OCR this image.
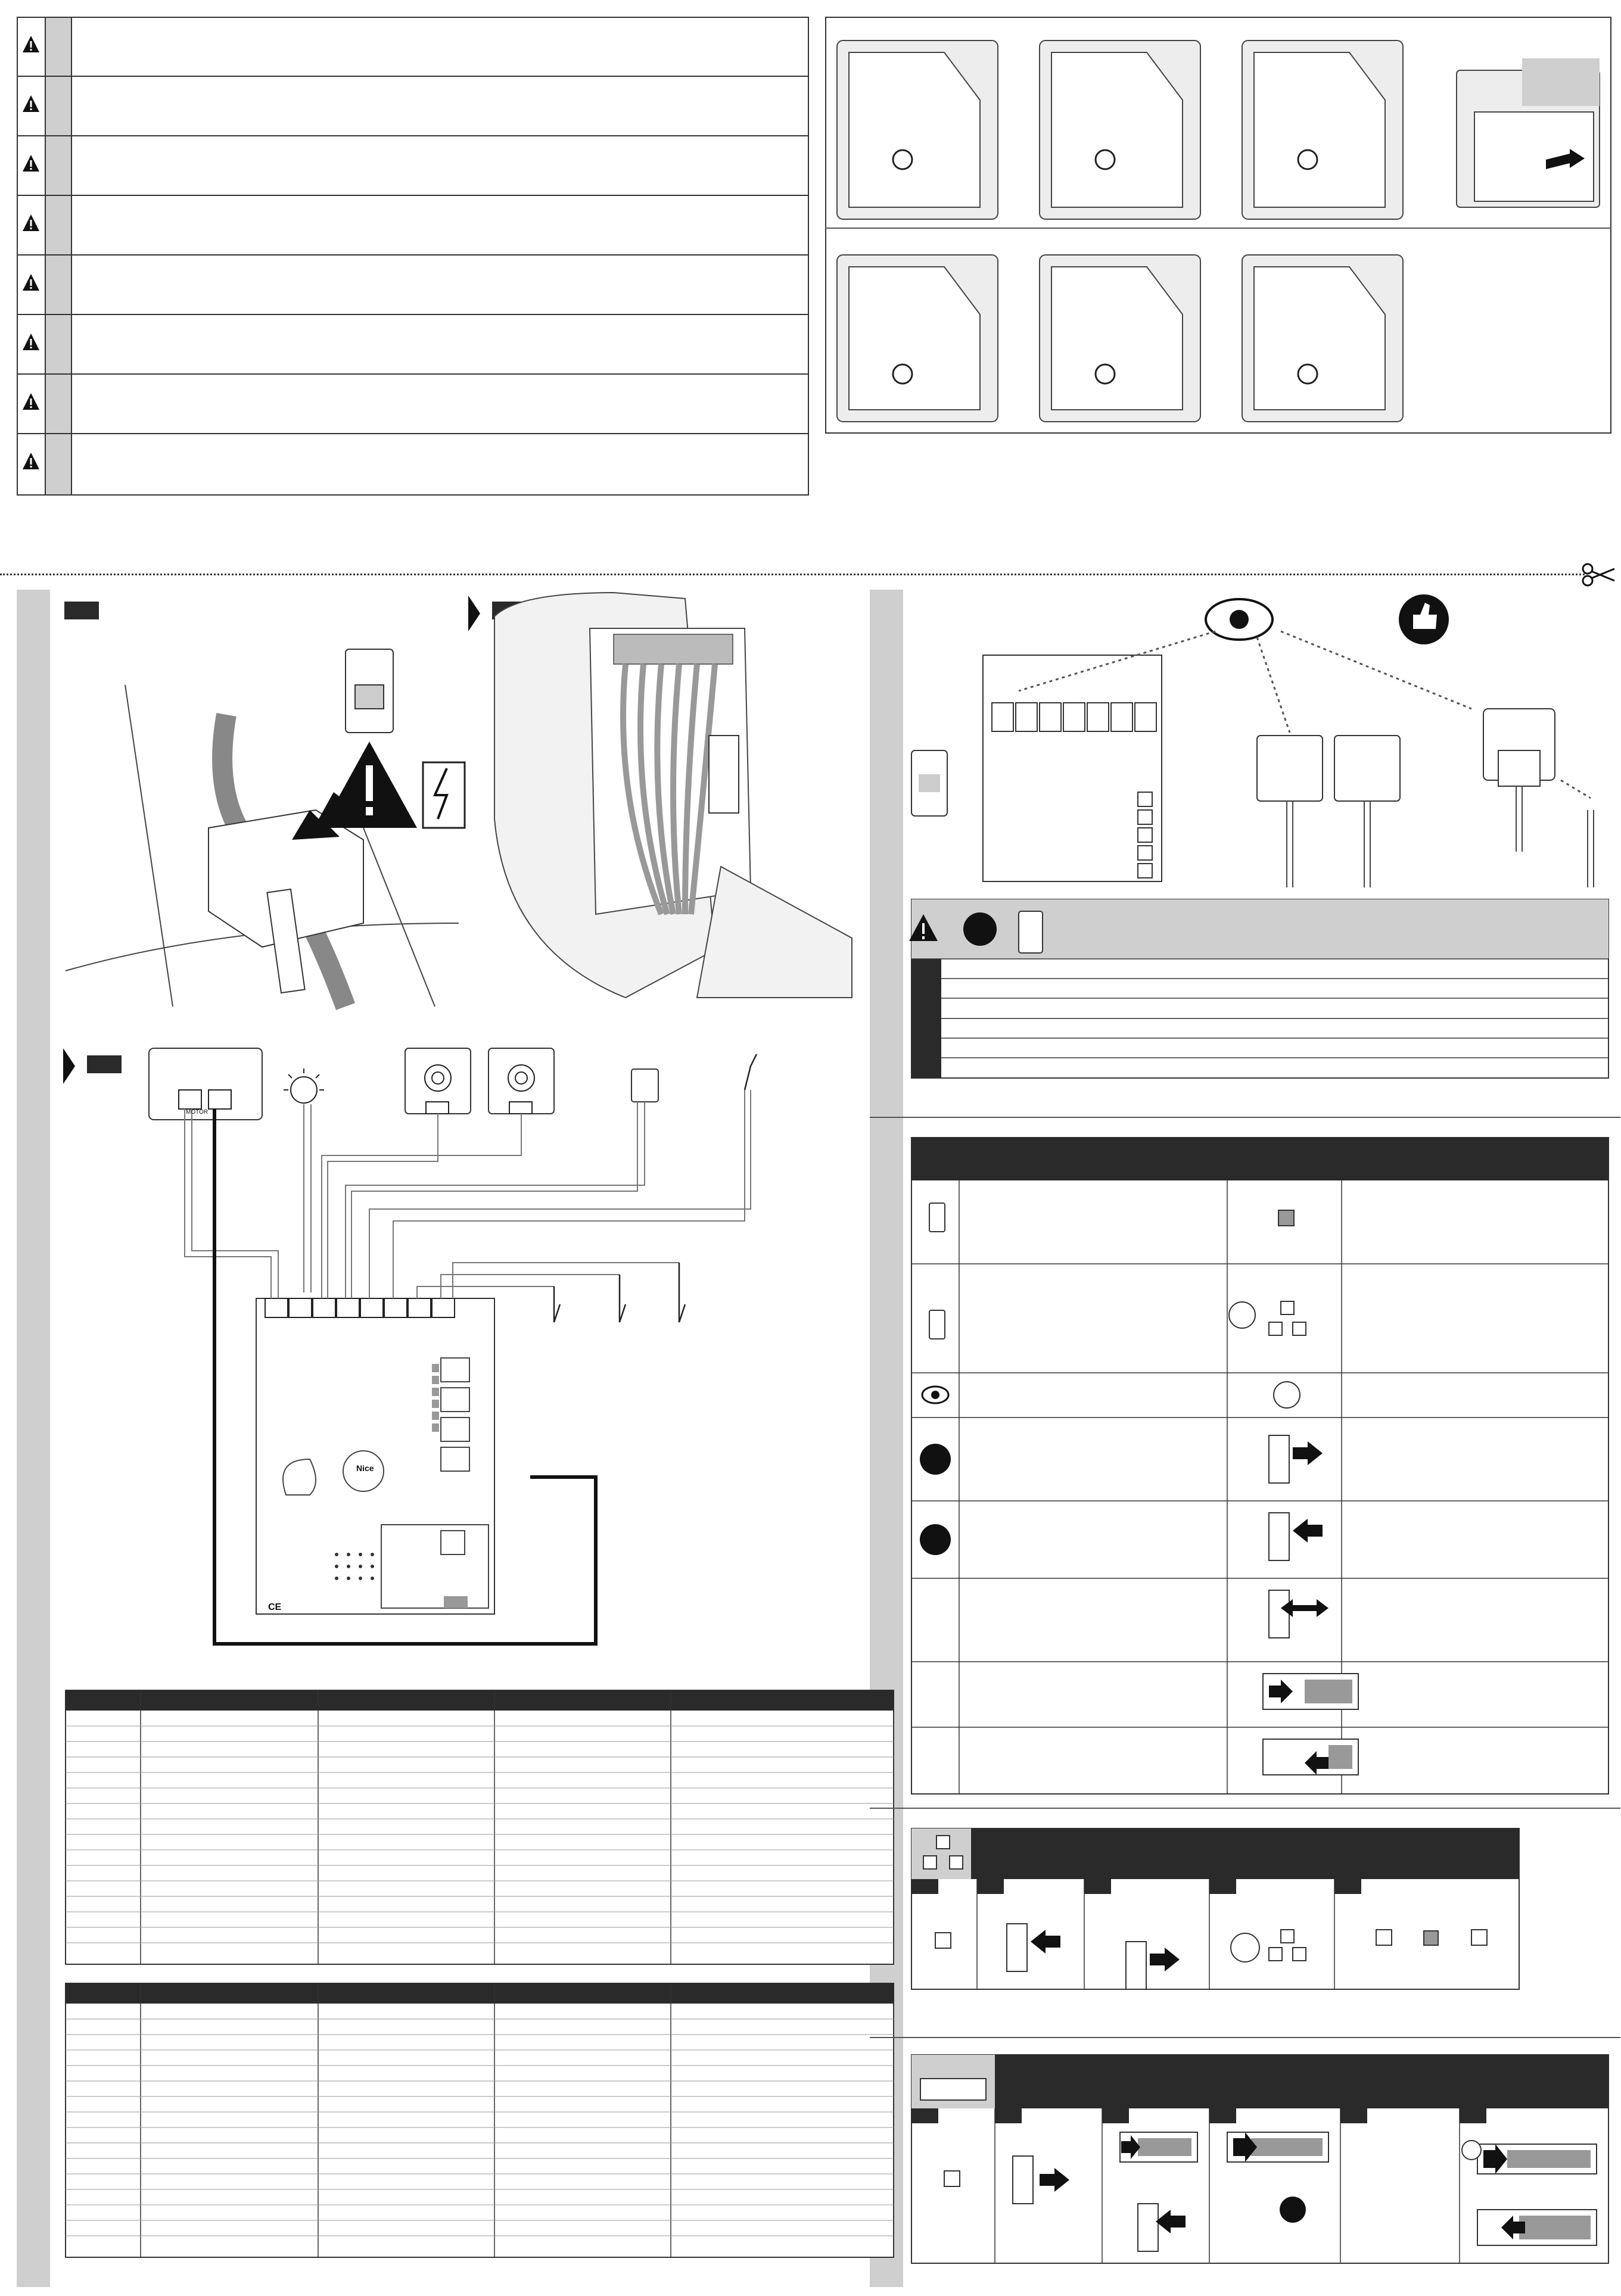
Nice
CE
MOTOR
